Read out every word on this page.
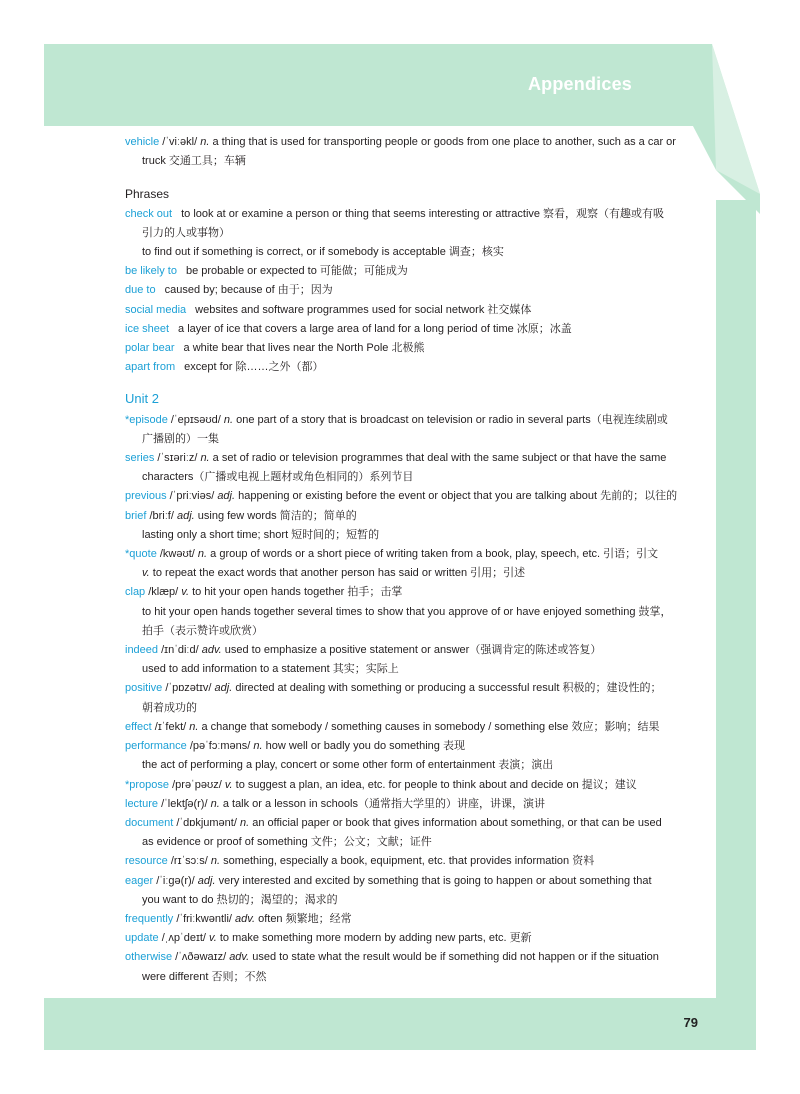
Appendices
vehicle /ˈviːəkl/ n. a thing that is used for transporting people or goods from one place to another, such as a car or
truck 交通工具；车辆
Phrases
check out to look at or examine a person or thing that seems interesting or attractive 察看，观察（有趣或有吸
引力的人或事物）
to find out if something is correct, or if somebody is acceptable 调查；核实
be likely to be probable or expected to 可能做；可能成为
due to caused by; because of 由于；因为
social media websites and software programmes used for social network 社交媒体
ice sheet a layer of ice that covers a large area of land for a long period of time 冰原；冰盖
polar bear a white bear that lives near the North Pole 北极熊
apart from except for 除……之外（都）
Unit 2
*episode /ˈepɪsəʊd/ n. one part of a story that is broadcast on television or radio in several parts（电视连续剧或
广播剧的）一集
series /ˈsɪəriːz/ n. a set of radio or television programmes that deal with the same subject or that have the same
characters（广播或电视上题材或角色相同的）系列节目
previous /ˈpriːviəs/ adj. happening or existing before the event or object that you are talking about 先前的；以往的
brief /briːf/ adj. using few words 简洁的；简单的
lasting only a short time; short 短时间的；短暂的
*quote /kwəʊt/ n. a group of words or a short piece of writing taken from a book, play, speech, etc. 引语；引文
v. to repeat the exact words that another person has said or written 引用；引述
clap /klæp/ v. to hit your open hands together 拍手；击掌
to hit your open hands together several times to show that you approve of or have enjoyed something 鼓掌，
拍手（表示赞许或欣赏）
indeed /ɪnˈdiːd/ adv. used to emphasize a positive statement or answer（强调肯定的陈述或答复）
used to add information to a statement 其实；实际上
positive /ˈpɒzətɪv/ adj. directed at dealing with something or producing a successful result 积极的；建设性的；
朝着成功的
effect /ɪˈfekt/ n. a change that somebody / something causes in somebody / something else 效应；影响；结果
performance /pəˈfɔːməns/ n. how well or badly you do something 表现
the act of performing a play, concert or some other form of entertainment 表演；演出
*propose /prəˈpəʊz/ v. to suggest a plan, an idea, etc. for people to think about and decide on 提议；建议
lecture /ˈlektʃə(r)/ n. a talk or a lesson in schools（通常指大学里的）讲座，讲课，演讲
document /ˈdɒkjumənt/ n. an official paper or book that gives information about something, or that can be used
as evidence or proof of something 文件；公文；文献；证件
resource /rɪˈsɔːs/ n. something, especially a book, equipment, etc. that provides information 资料
eager /ˈiːɡə(r)/ adj. very interested and excited by something that is going to happen or about something that
you want to do 热切的；渴望的；渴求的
frequently /ˈfriːkwəntli/ adv. often 频繁地；经常
update /ˌʌpˈdeɪt/ v. to make something more modern by adding new parts, etc. 更新
otherwise /ˈʌðəwaɪz/ adv. used to state what the result would be if something did not happen or if the situation
were different 否则；不然
79
